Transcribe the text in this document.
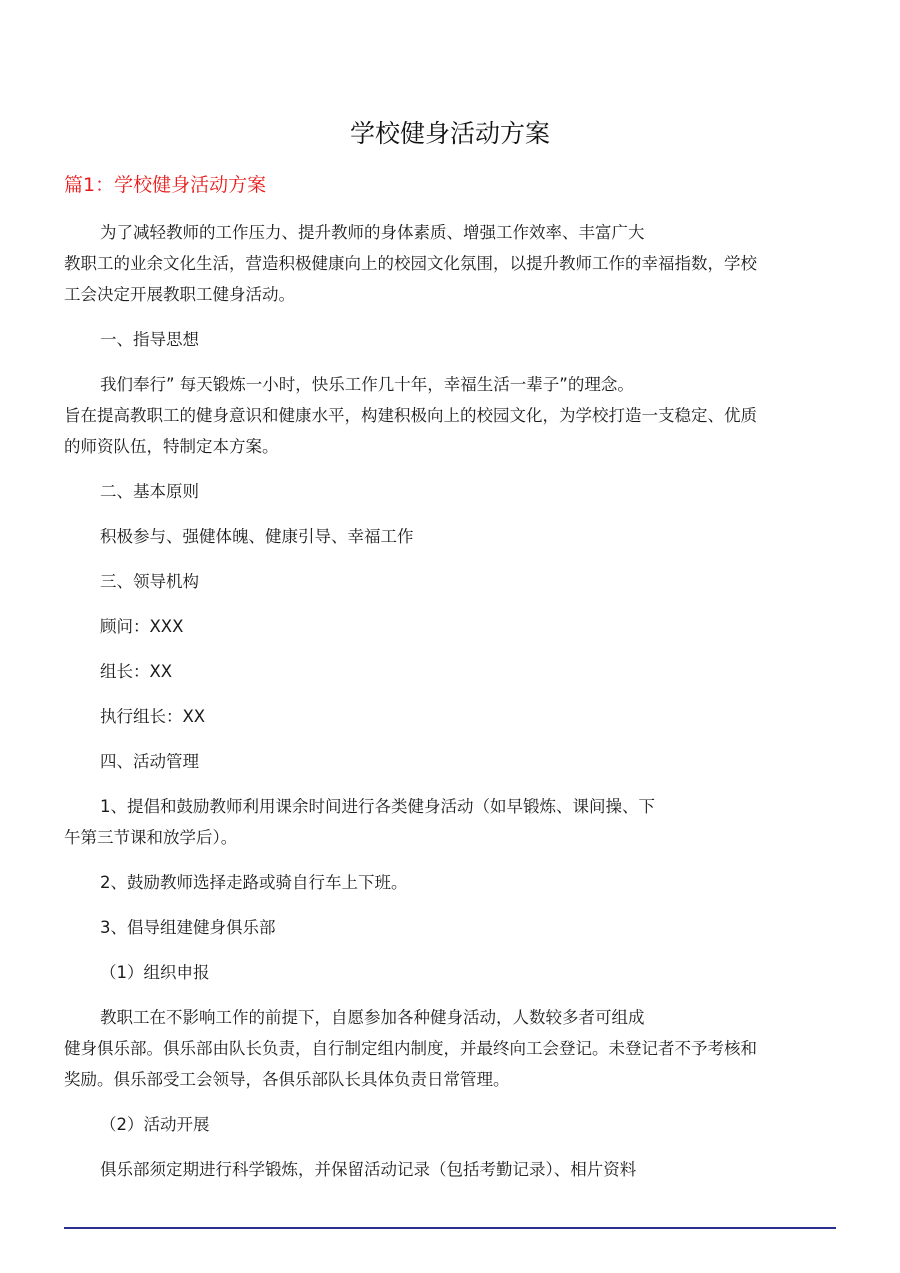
学校健身活动方案
篇1：学校健身活动方案

为了减轻教师的工作压力、提升教师的身体素质、增强工作效率、丰富广大
教职工的业余文化生活，营造积极健康向上的校园文化氛围，以提升教师工作的幸福指数，学校
工会决定开展教职工健身活动。

一、指导思想

我们奉行” 每天锻炼一小时，快乐工作几十年，幸福生活一辈子”的理念。
旨在提高教职工的健身意识和健康水平，构建积极向上的校园文化，为学校打造一支稳定、优质
的师资队伍，特制定本方案。

二、基本原则

积极参与、强健体魄、健康引导、幸福工作

三、领导机构

顾问：XXX

组长：XX

执行组长：XX

四、活动管理

1、提倡和鼓励教师利用课余时间进行各类健身活动（如早锻炼、课间操、下
午第三节课和放学后）。

2、鼓励教师选择走路或骑自行车上下班。

3、倡导组建健身俱乐部

（1）组织申报

教职工在不影响工作的前提下，自愿参加各种健身活动，人数较多者可组成
健身俱乐部。俱乐部由队长负责，自行制定组内制度，并最终向工会登记。未登记者不予考核和
奖励。俱乐部受工会领导，各俱乐部队长具体负责日常管理。

（2）活动开展

俱乐部须定期进行科学锻炼，并保留活动记录（包括考勤记录）、相片资料
